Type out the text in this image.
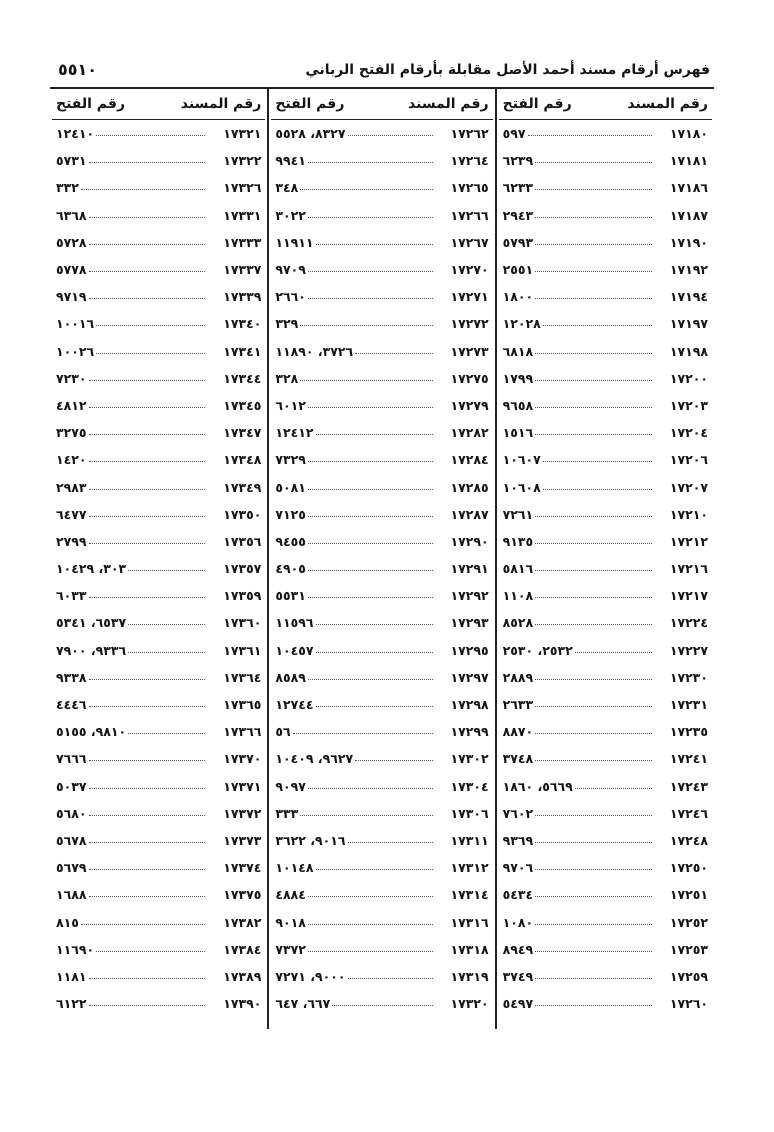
٥٥١٠	فهرس أرقام مسند أحمد الأصل مقابلة بأرقام الفتح الرباني
رقم المسند
رقم الفتح
١٧١٨٠
٥٩٧
١٧١٨١
٦٢٣٩
١٧١٨٦
٦٢٣٣
١٧١٨٧
٢٩٤٣
١٧١٩٠
٥٧٩٣
١٧١٩٢
٢٥٥١
١٧١٩٤
١٨٠٠
١٧١٩٧
١٢٠٢٨
١٧١٩٨
٦٨١٨
١٧٢٠٠
١٧٩٩
١٧٢٠٣
٩٦٥٨
١٧٢٠٤
١٥١٦
١٧٢٠٦
١٠٦٠٧
١٧٢٠٧
١٠٦٠٨
١٧٢١٠
٧٢٦١
١٧٢١٢
٩١٣٥
١٧٢١٦
٥٨١٦
١٧٢١٧
١١٠٨
١٧٢٢٤
٨٥٢٨
١٧٢٢٧
٢٥٣٢، ٢٥٣٠
١٧٢٣٠
٢٨٨٩
١٧٢٣١
٢٦٣٣
١٧٢٣٥
٨٨٧٠
١٧٢٤١
٣٧٤٨
١٧٢٤٣
٥٦٦٩، ١٨٦٠
١٧٢٤٦
٧٦٠٢
١٧٢٤٨
٩٣٦٩
١٧٢٥٠
٩٧٠٦
١٧٢٥١
٥٤٣٤
١٧٢٥٢
١٠٨٠
١٧٢٥٣
٨٩٤٩
١٧٢٥٩
٣٧٤٩
١٧٢٦٠
٥٤٩٧
رقم المسند
رقم الفتح
١٧٢٦٢
٨٣٢٧، ٥٥٢٨
١٧٢٦٤
٩٩٤١
١٧٢٦٥
٣٤٨
١٧٢٦٦
٣٠٢٢
١٧٢٦٧
١١٩١١
١٧٢٧٠
٩٧٠٩
١٧٢٧١
٢٦٦٠
١٧٢٧٢
٣٢٩
١٧٢٧٣
٣٧٢٦، ١١٨٩٠
١٧٢٧٥
٣٢٨
١٧٢٧٩
٦٠١٢
١٧٢٨٢
١٢٤١٢
١٧٢٨٤
٧٣٢٩
١٧٢٨٥
٥٠٨١
١٧٢٨٧
٧١٢٥
١٧٢٩٠
٩٤٥٥
١٧٢٩١
٤٩٠٥
١٧٢٩٢
٥٥٣١
١٧٢٩٣
١١٥٩٦
١٧٢٩٥
١٠٤٥٧
١٧٢٩٧
٨٥٨٩
١٧٢٩٨
١٢٧٤٤
١٧٢٩٩
٥٦
١٧٣٠٢
٩٦٢٧، ١٠٤٠٩
١٧٣٠٤
٩٠٩٧
١٧٣٠٦
٣٣٣
١٧٣١١
٩٠١٦، ٣٦٢٢
١٧٣١٢
١٠١٤٨
١٧٣١٤
٤٨٨٤
١٧٣١٦
٩٠١٨
١٧٣١٨
٧٣٧٢
١٧٣١٩
٩٠٠٠، ٧٢٧١
١٧٣٢٠
٦٦٧، ٦٤٧
رقم المسند
رقم الفتح
١٧٣٢١
١٢٤١٠
١٧٣٢٢
٥٧٣١
١٧٣٢٦
٣٣٢
١٧٣٣١
٦٣٦٨
١٧٣٣٣
٥٧٢٨
١٧٣٣٧
٥٧٧٨
١٧٣٣٩
٩٧١٩
١٧٣٤٠
١٠٠١٦
١٧٣٤١
١٠٠٢٦
١٧٣٤٤
٧٢٣٠
١٧٣٤٥
٤٨١٢
١٧٣٤٧
٣٢٧٥
١٧٣٤٨
١٤٢٠
١٧٣٤٩
٢٩٨٣
١٧٣٥٠
٦٤٧٧
١٧٣٥٦
٢٧٩٩
١٧٣٥٧
٣٠٣، ١٠٤٢٩
١٧٣٥٩
٦٠٣٣
١٧٣٦٠
٦٥٣٧، ٥٣٤١
١٧٣٦١
٩٣٣٦، ٧٩٠٠
١٧٣٦٤
٩٣٣٨
١٧٣٦٥
٤٤٤٦
١٧٣٦٦
٩٨١٠، ٥١٥٥
١٧٣٧٠
٧٦٦٦
١٧٣٧١
٥٠٣٧
١٧٣٧٢
٥٦٨٠
١٧٣٧٣
٥٦٧٨
١٧٣٧٤
٥٦٧٩
١٧٣٧٥
١٦٨٨
١٧٣٨٢
٨١٥
١٧٣٨٤
١١٦٩٠
١٧٣٨٩
١١٨١
١٧٣٩٠
٦١٢٢
